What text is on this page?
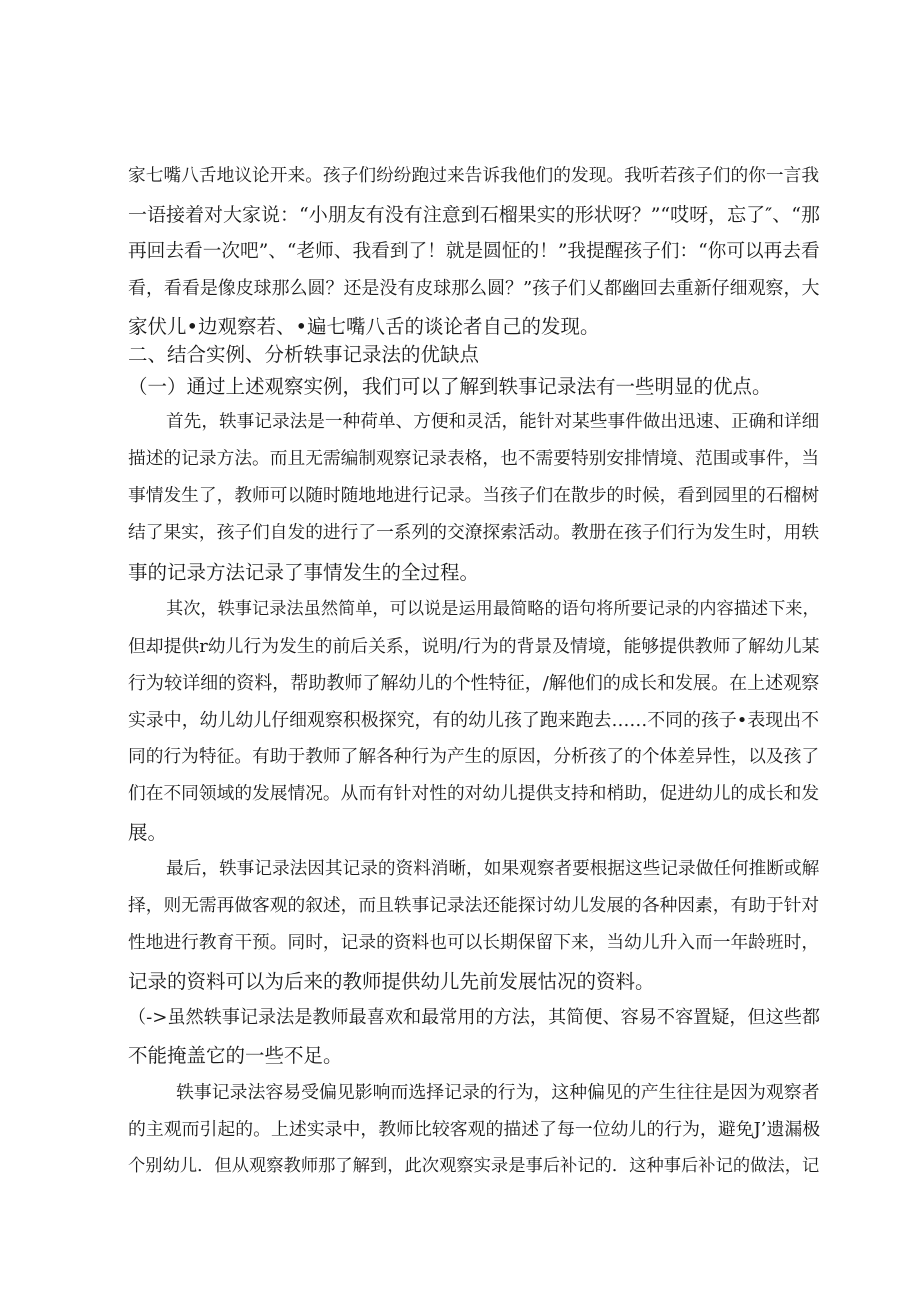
家七嘴八舌地议论开来。孩子们纷纷跑过来告诉我他们的发现。我听若孩子们的你一言我

一语接着对大家说：“小朋友有没有注意到石榴果实的形状呀？”“哎呀，忘了″、“那

再回去看一次吧”、“老师、我看到了！就是圆怔的！”我提醒孩子们：“你可以再去看

看，看看是像皮球那么圆？还是没有皮球那么圆？”孩子们乂都幽回去重新仔细观察，大

家伏儿•边观察若、•遍七嘴八舌的谈论者自己的发现。

二、结合实例、分析轶事记录法的优缺点

（一）通过上述观察实例，我们可以了解到轶事记录法有一些明显的优点。

首先，轶事记录法是一种荷单、方便和灵活，能针对某些事件做出迅速、正确和详细

描述的记录方法。而且无需编制观察记录表格，也不需要特别安排情境、范围或事件，当

事情发生了，教师可以随时随地地进行记录。当孩子们在散步的时候，看到园里的石榴树

结了果实，孩子们自发的进行了一系列的交潦探索活动。教册在孩子们行为发生时，用轶

事的记录方法记录了事情发生的全过程。

其次，轶事记录法虽然简单，可以说是运用最简略的语句将所要记录的内容描述下来，

但却提供r幼儿行为发生的前后关系，说明/行为的背景及情境，能够提供教师了解幼儿某

行为较详细的资料，帮助教师了解幼儿的个性特征，/解他们的成长和发展。在上述观察

实录中，幼儿幼儿仔细观察积极探究，有的幼儿孩了跑来跑去……不同的孩子•表现出不

同的行为特征。有助于教师了解各种行为产生的原因，分析孩了的个体差异性，以及孩了

们在不同领域的发展情况。从而有针对性的对幼儿提供支持和梢助，促进幼儿的成长和发

展。

最后，轶事记录法因其记录的资料消晰，如果观察者要根据这些记录做任何推断或解

择，则无需再做客观的叙述，而且轶事记录法还能探讨幼儿发展的各种因素，有助于针对

性地进行教育干预。同时，记录的资料也可以长期保留下来，当幼儿升入而一年龄班时，

记录的资料可以为后来的教师提供幼儿先前发展怙况的资料。

（->虽然轶事记录法是教师最喜欢和最常用的方法，其简便、容易不容置疑，但这些都

不能掩盖它的一些不足。

轶事记录法容易受偏见影响而选择记录的行为，这种偏见的产生往往是因为观察者

的主观而引起的。上述实录中，教师比较客观的描述了每一位幼儿的行为，避免J’遗漏极

个别幼儿．但从观察教师那了解到，此次观察实录是事后补记的．这种事后补记的做法，记
